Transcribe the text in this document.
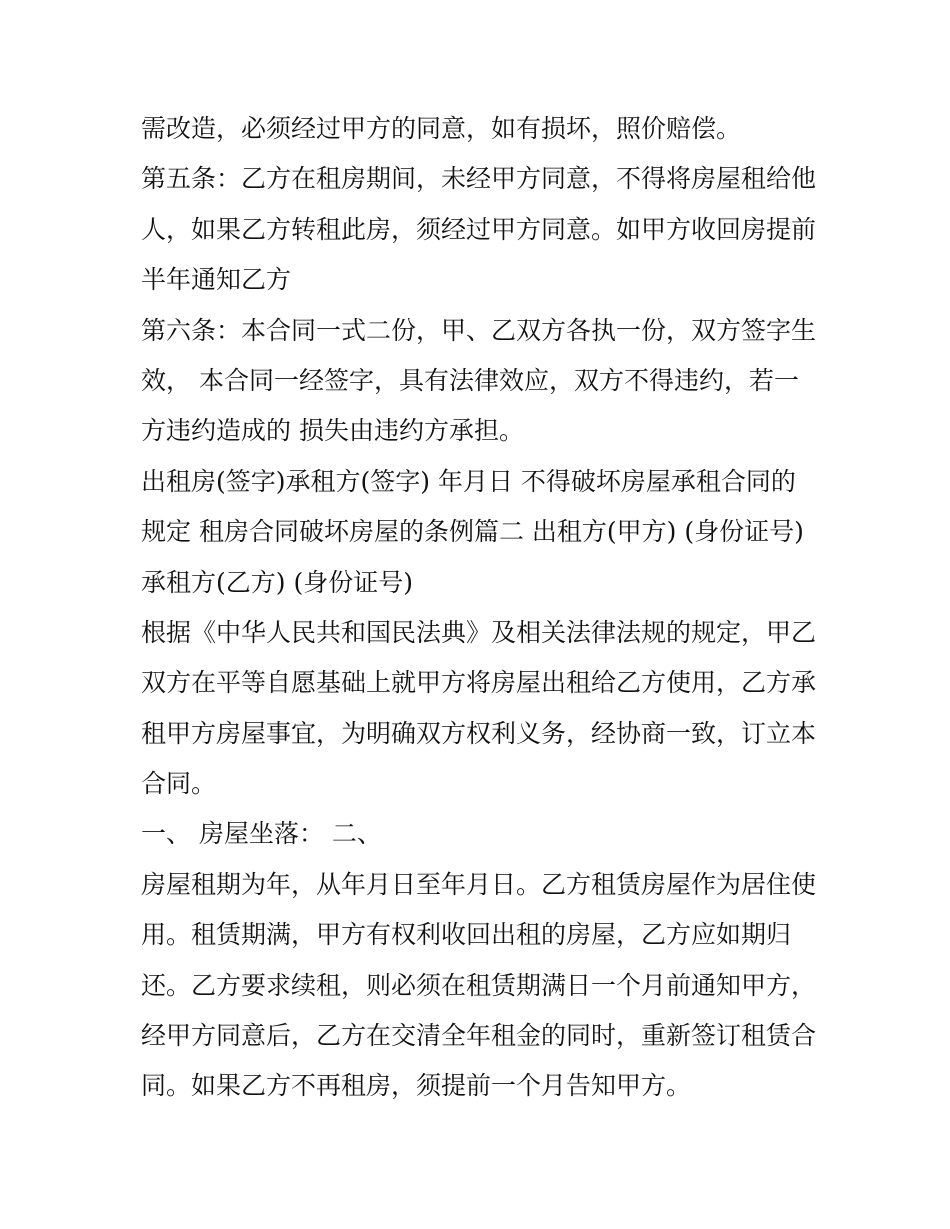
需改造，必须经过甲方的同意，如有损坏，照价赔偿。

第五条：乙方在租房期间，未经甲方同意，不得将房屋租给他
人，如果乙方转租此房，须经过甲方同意。如甲方收回房提前
半年通知乙方

第六条：本合同一式二份，甲、乙双方各执一份，双方签字生
效， 本合同一经签字，具有法律效应，双方不得违约，若一
方违约造成的 损失由违约方承担。

出租房(签字)承租方(签字) 年月日 不得破坏房屋承租合同的
规定 租房合同破坏房屋的条例篇二 出租方(甲方) (身份证号)
承租方(乙方) (身份证号)

根据《中华人民共和国民法典》及相关法律法规的规定，甲乙
双方在平等自愿基础上就甲方将房屋出租给乙方使用，乙方承
租甲方房屋事宜，为明确双方权利义务，经协商一致，订立本
合同。

一、 房屋坐落： 二、

房屋租期为年，从年月日至年月日。乙方租赁房屋作为居住使
用。租赁期满，甲方有权利收回出租的房屋，乙方应如期归
还。乙方要求续租，则必须在租赁期满日一个月前通知甲方，
经甲方同意后，乙方在交清全年租金的同时，重新签订租赁合
同。如果乙方不再租房，须提前一个月告知甲方。
